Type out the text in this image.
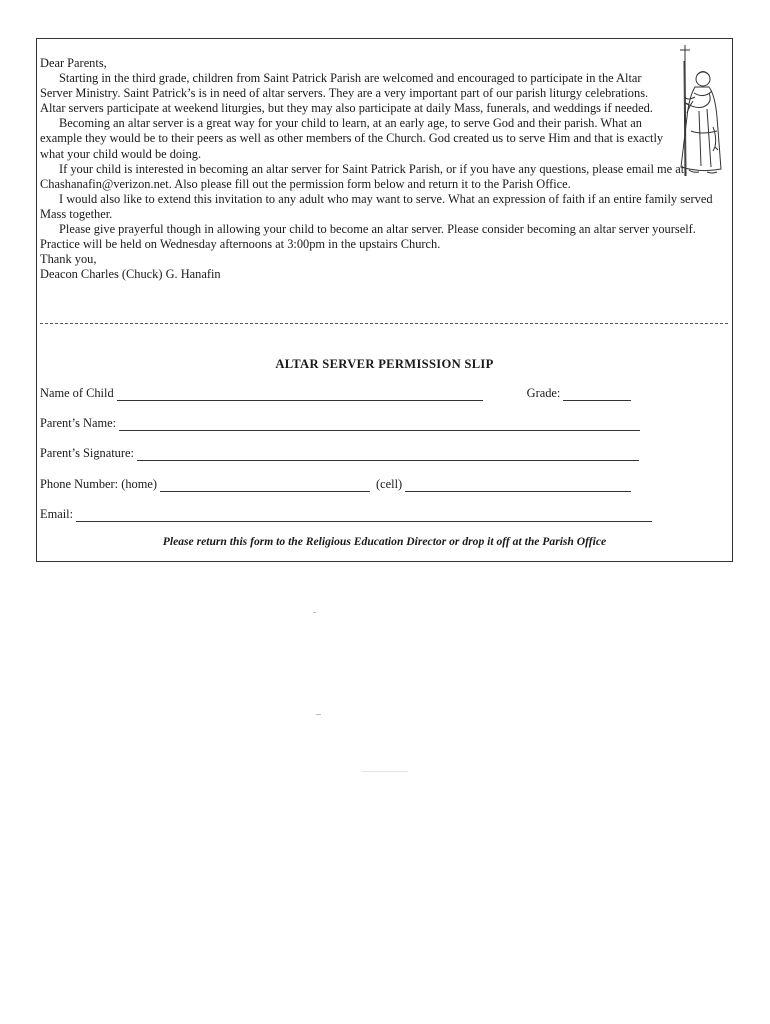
Dear Parents,

Starting in the third grade, children from Saint Patrick Parish are welcomed and encouraged to participate in the Altar Server Ministry. Saint Patrick’s is in need of altar servers. They are a very important part of our parish liturgy celebrations. Altar servers participate at weekend liturgies, but they may also participate at daily Mass, funerals, and weddings if needed.

Becoming an altar server is a great way for your child to learn, at an early age, to serve God and their parish. What an example they would be to their peers as well as other members of the Church. God created us to serve Him and that is exactly what your child would be doing.

If your child is interested in becoming an altar server for Saint Patrick Parish, or if you have any questions, please email me at Chashanafin@verizon.net. Also please fill out the permission form below and return it to the Parish Office.

I would also like to extend this invitation to any adult who may want to serve. What an expression of faith if an entire family served Mass together.

Please give prayerful though in allowing your child to become an altar server. Please consider becoming an altar server yourself. Practice will be held on Wednesday afternoons at 3:00pm in the upstairs Church.

Thank you,

Deacon Charles (Chuck) G. Hanafin

ALTAR SERVER PERMISSION SLIP
Name of Child	Grade:
Parent’s Name:
Parent’s Signature:
Phone Number: (home)	(cell)
Email:
Please return this form to the Religious Education Director or drop it off at the Parish Office
